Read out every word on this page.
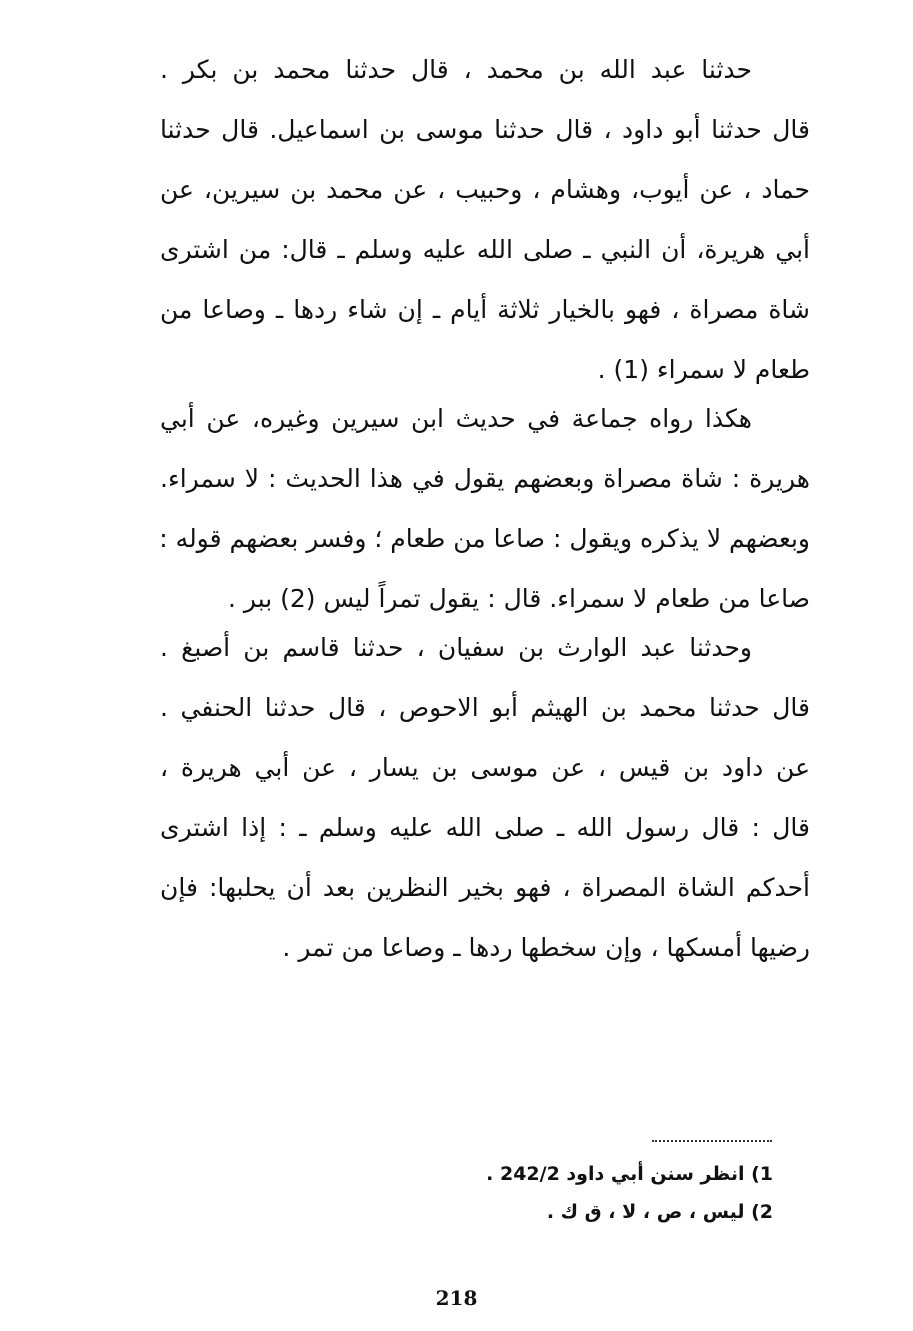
حدثنا عبد الله بن محمد ، قال حدثنا محمد بن بكر .
قال حدثنا أبو داود ، قال حدثنا موسى بن اسماعيل. قال حدثنا
حماد ، عن أيوب، وهشام ، وحبيب ، عن محمد بن سيرين، عن
أبي هريرة، أن النبي ـ صلى الله عليه وسلم ـ قال: من اشترى
شاة مصراة ، فهو بالخيار ثلاثة أيام ـ إن شاء ردها ـ وصاعا من
طعام لا سمراء (1) .
هكذا رواه جماعة في حديث ابن سيرين وغيره، عن أبي
هريرة : شاة مصراة وبعضهم يقول في هذا الحديث : لا سمراء.
وبعضهم لا يذكره ويقول : صاعا من طعام ؛ وفسر بعضهم قوله :
صاعا من طعام لا سمراء. قال : يقول تمراً ليس (2) ببر .
وحدثنا عبد الوارث بن سفيان ، حدثنا قاسم بن أصبغ .
قال حدثنا محمد بن الهيثم أبو الاحوص ، قال حدثنا الحنفي .
عن داود بن قيس ، عن موسى بن يسار ، عن أبي هريرة ،
قال : قال رسول الله ـ صلى الله عليه وسلم ـ : إذا اشترى
أحدكم الشاة المصراة ، فهو بخير النظرين بعد أن يحلبها: فإن
رضيها أمسكها ، وإن سخطها ردها ـ وصاعا من تمر .
1) انظر سنن أبي داود 242/2 .
2) ليس ، ص ، لا ، ق ك .
218
